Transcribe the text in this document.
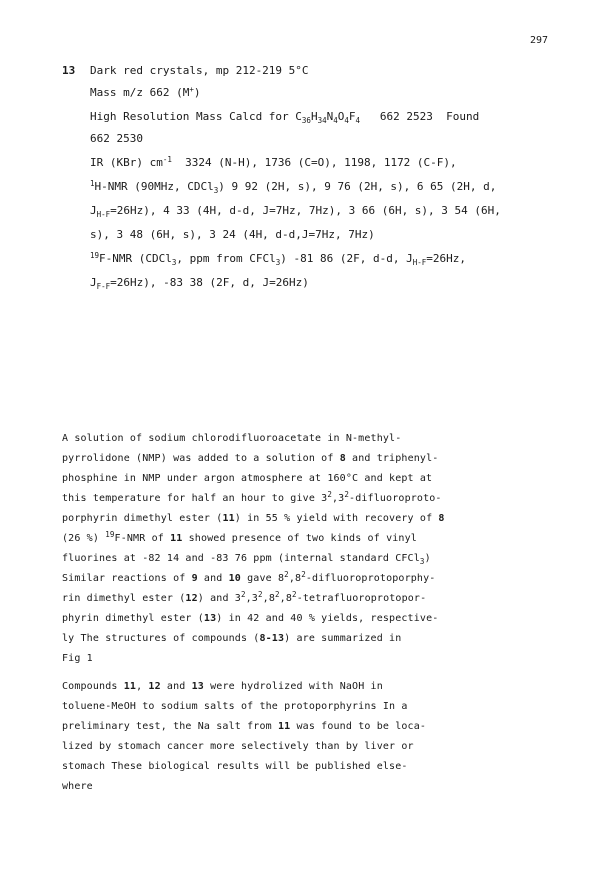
297
13 Dark red crystals, mp 212-219 5°C
Mass m/z 662 (M+)
High Resolution Mass Calcd for $C_{36}H_{34}N_4O_4F_4$ 662 2523 Found
662 2530
IR (KBr) $cm^{-1}$ 3324 (N-H), 1736 (C=O), 1198, 1172 (C-F),
$^1$H-NMR (90MHz, CDCl$_3$) 9 92 (2H, s), 9 76 (2H, s), 6 65 (2H, d,
$J_{H-F}=26Hz$), 4 33 (4H, d-d, J=7Hz, 7Hz), 3 66 (6H, s), 3 54 (6H,
s), 3 48 (6H, s), 3 24 (4H, d-d,J=7Hz, 7Hz)
$^{19}$F-NMR (CDCl$_3$, ppm from CFCl$_3$) -81 86 (2F, d-d, $J_{H-F}=26Hz$,
$J_{F-F}=26Hz$), -83 38 (2F, d, J=26Hz)
A solution of sodium chlorodifluoroacetate in N-methyl-
pyrrolidone (NMP) was added to a solution of 8 and triphenyl-
phosphine in NMP under argon atmosphere at 160°C and kept at
this temperature for half an hour to give $3^2,3^2-difluoroproto-$
porphyrin dimethyl ester (11) in 55 % yield with recovery of 8
(26 %) $^{19}$F-NMR of 11 showed presence of two kinds of vinyl
fluorines at -82 14 and -83 76 ppm (internal standard CFCl$_3$)
Similar reactions of 9 and 10 gave $8^2,8^2-difluoroprotoporphy-$
rin dimethyl ester (12) and $3^2,3^2,8^2,8^2-tetrafluoroprotopor-$
phyrin dimethyl ester (13) in 42 and 40 % yields, respective-
ly The structures of compounds (8-13) are summarized in
Fig 1
Compounds 11, 12 and 13 were hydrolized with NaOH in
toluene-MeOH to sodium salts of the protoporphyrins In a
preliminary test, the Na salt from 11 was found to be loca-
lized by stomach cancer more selectively than by liver or
stomach These biological results will be published else-
where
